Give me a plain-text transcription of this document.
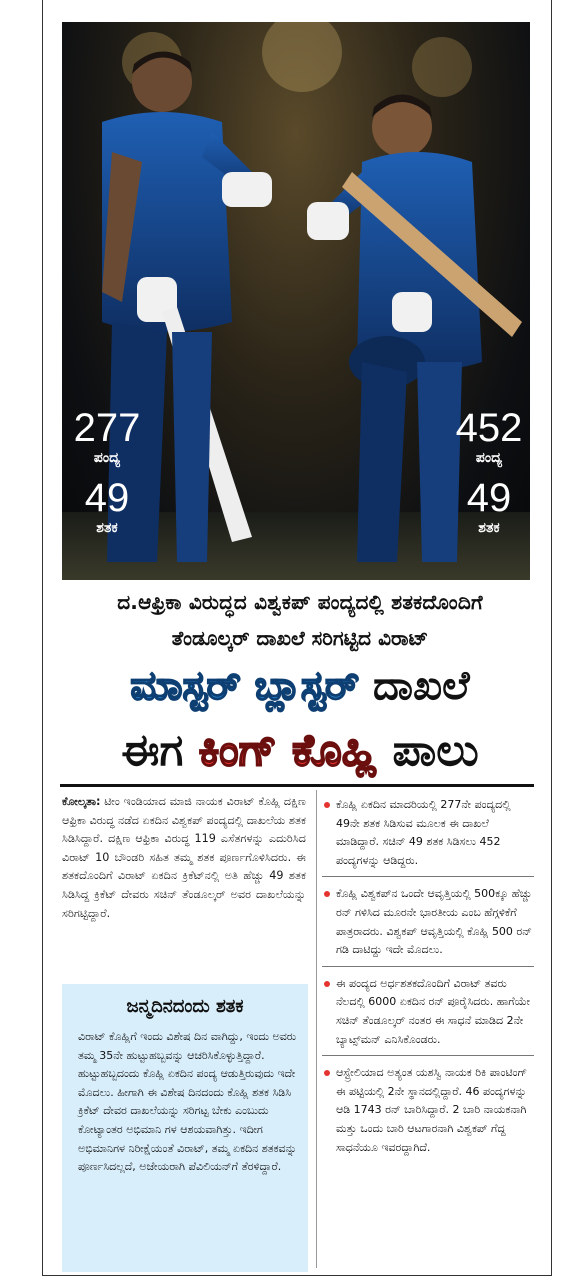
277
ಪಂದ್ಯ
49
ಶತಕ
452
ಪಂದ್ಯ
49
ಶತಕ
ದ.ಆಫ್ರಿಕಾ ವಿರುದ್ಧದ ವಿಶ್ವಕಪ್ ಪಂದ್ಯದಲ್ಲಿ ಶತಕದೊಂದಿಗೆ
ತೆಂಡೂಲ್ಕರ್ ದಾಖಲೆ ಸರಿಗಟ್ಟಿದ ವಿರಾಟ್
ಮಾಸ್ಟರ್ ಬ್ಲಾಸ್ಟರ್ ದಾಖಲೆ
ಈಗ ಕಿಂಗ್ ಕೊಹ್ಲಿ ಪಾಲು
ಕೋಲ್ಕತಾ: ಟೀಂ ಇಂಡಿಯಾದ ಮಾಜಿ ನಾಯಕ ವಿರಾಟ್ ಕೊಹ್ಲಿ ದಕ್ಷಿಣ ಆಫ್ರಿಕಾ ವಿರುದ್ಧ ನಡೆದ ಏಕದಿನ ವಿಶ್ವಕಪ್ ಪಂದ್ಯದಲ್ಲಿ ದಾಖಲೆಯ ಶತಕ ಸಿಡಿಸಿದ್ದಾರೆ. ದಕ್ಷಿಣ ಆಫ್ರಿಕಾ ವಿರುದ್ಧ 119 ಎಸೆತಗಳನ್ನು ಎದುರಿಸಿದ ವಿರಾಟ್ 10 ಬೌಂಡರಿ ಸಹಿತ ತಮ್ಮ ಶತಕ ಪೂರ್ಣಗೊಳಿಸಿದರು. ಈ ಶತಕದೊಂದಿಗೆ ವಿರಾಟ್ ಏಕದಿನ ಕ್ರಿಕೆಟ್‌ನಲ್ಲಿ ಅತಿ ಹೆಚ್ಚು 49 ಶತಕ ಸಿಡಿಸಿದ್ದ ಕ್ರಿಕೆಟ್ ದೇವರು ಸಚಿನ್ ತೆಂಡೂಲ್ಕರ್ ಅವರ ದಾಖಲೆಯನ್ನು ಸರಿಗಟ್ಟಿದ್ದಾರೆ.
ಜನ್ಮದಿನದಂದು ಶತಕ
ವಿರಾಟ್ ಕೊಹ್ಲಿಗೆ ಇಂದು ವಿಶೇಷ ದಿನ ವಾಗಿದ್ದು, ಇಂದು ಅವರು ತಮ್ಮ 35ನೇ ಹುಟ್ಟುಹಬ್ಬವನ್ನು ಆಚರಿಸಿಕೊಳ್ಳುತ್ತಿದ್ದಾರೆ. ಹುಟ್ಟುಹಬ್ಬದಂದು ಕೊಹ್ಲಿ ಏಕದಿನ ಪಂದ್ಯ ಆಡುತ್ತಿರುವುದು ಇದೇ ಮೊದಲು. ಹೀಗಾಗಿ ಈ ವಿಶೇಷ ದಿನದಂದು ಕೊಹ್ಲಿ ಶತಕ ಸಿಡಿಸಿ ಕ್ರಿಕೆಟ್ ದೇವರ ದಾಖಲೆಯನ್ನು ಸರಿಗಟ್ಟ ಬೇಕು ಎಂಬುದು ಕೋಟ್ಯಾಂತರ ಅಭಿಮಾನಿ ಗಳ ಆಶಯವಾಗಿತ್ತು. ಇದೀಗ ಅಭಿಮಾನಿಗಳ ನಿರೀಕ್ಷೆಯಂತೆ ವಿರಾಟ್, ತಮ್ಮ ಏಕದಿನ ಶತಕವನ್ನು ಪೂರ್ಣಸಿದಲ್ಲದೆ, ಅಜೇಯರಾಗಿ ಪೆವಿಲಿಯನ್‌ಗೆ ತೆರಳಿದ್ದಾರೆ.
ಕೊಹ್ಲಿ ಏಕದಿನ ಮಾದರಿಯಲ್ಲಿ 277ನೇ ಪಂದ್ಯದಲ್ಲಿ 49ನೇ ಶತಕ ಸಿಡಿಸುವ ಮೂಲಕ ಈ ದಾಖಲೆ ಮಾಡಿದ್ದಾರೆ. ಸಚಿನ್ 49 ಶತಕ ಸಿಡಿಸಲು 452 ಪಂದ್ಯಗಳನ್ನು ಆಡಿದ್ದರು.
ಕೊಹ್ಲಿ ವಿಶ್ವಕಪ್‌ನ ಒಂದೇ ಆವೃತ್ತಿಯಲ್ಲಿ 500ಕ್ಕೂ ಹೆಚ್ಚು ರನ್ ಗಳಿಸಿದ ಮೂರನೇ ಭಾರತೀಯ ಎಂಬ ಹೆಗ್ಗಳಿಕೆಗೆ ಪಾತ್ರರಾದರು. ವಿಶ್ವಕಪ್ ಆವೃತ್ತಿಯಲ್ಲಿ ಕೊಹ್ಲಿ 500 ರನ್ ಗಡಿ ದಾಟಿದ್ದು ಇದೇ ಮೊದಲು.
ಈ ಪಂದ್ಯದ ಅರ್ಧಶತಕದೊಂದಿಗೆ ವಿರಾಟ್ ತವರು ನೆಲದಲ್ಲಿ 6000 ಏಕದಿನ ರನ್ ಪೂರೈಸಿದರು. ಹಾಗೆಯೇ ಸಚಿನ್ ತೆಂಡೂಲ್ಕರ್ ನಂತರ ಈ ಸಾಧನೆ ಮಾಡಿದ 2ನೇ ಬ್ಯಾಟ್ಸ್‌ಮನ್ ಎನಿಸಿಕೊಂಡರು.
ಆಸ್ಟ್ರೇಲಿಯಾದ ಅತ್ಯಂತ ಯಶಸ್ವಿ ನಾಯಕ ರಿಕಿ ಪಾಂಟಿಂಗ್ ಈ ಪಟ್ಟಿಯಲ್ಲಿ 2ನೇ ಸ್ಥಾನದಲ್ಲಿದ್ದಾರೆ. 46 ಪಂದ್ಯಗಳನ್ನು ಆಡಿ 1743 ರನ್ ಬಾರಿಸಿದ್ದಾರೆ. 2 ಬಾರಿ ನಾಯಕನಾಗಿ ಮತ್ತು ಒಂದು ಬಾರಿ ಆಟಗಾರನಾಗಿ ವಿಶ್ವಕಪ್ ಗೆದ್ದ ಸಾಧನೆಯೂ ಇವರದ್ದಾಗಿದೆ.
